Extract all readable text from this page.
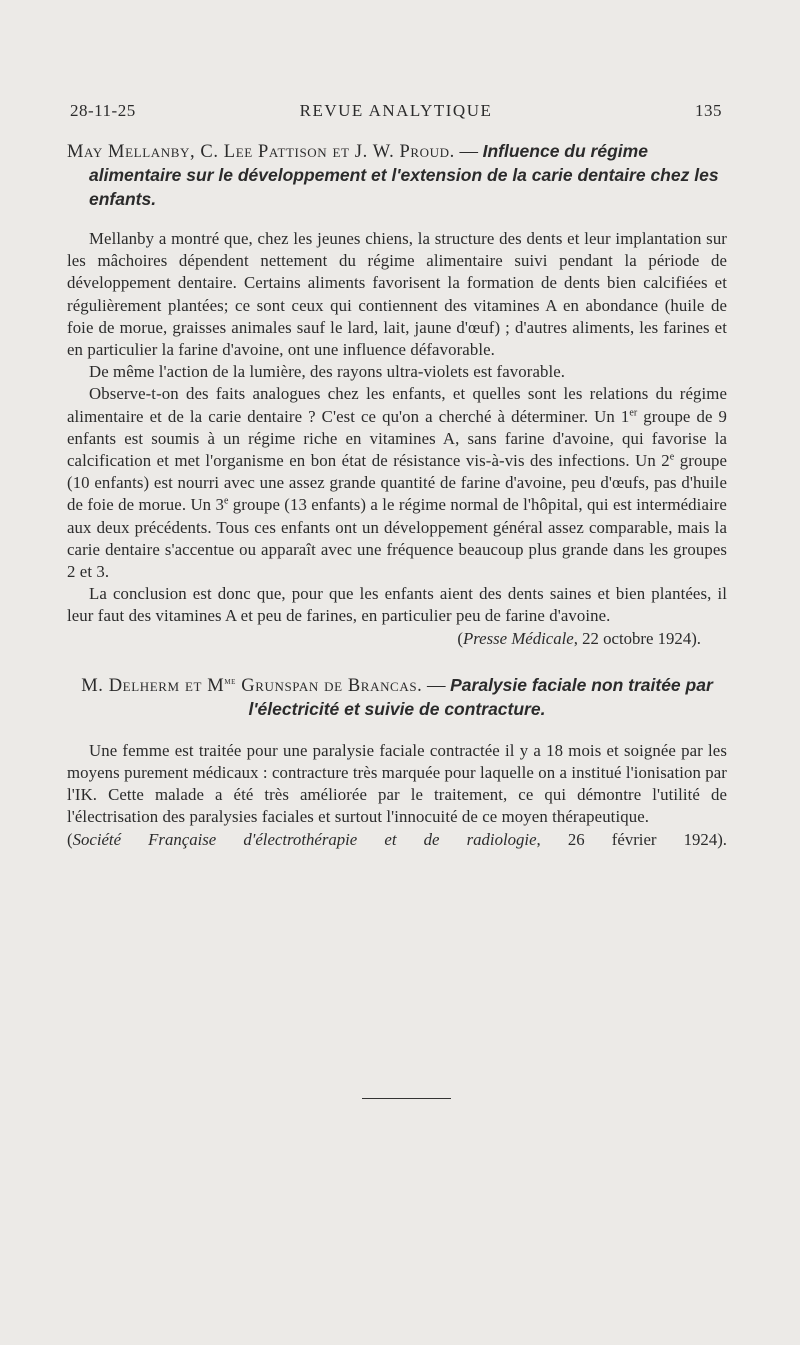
28-11-25	REVUE ANALYTIQUE	135

May Mellanby, C. Lee Pattison et J. W. Proud. — Influence du régime alimentaire sur le développement et l'extension de la carie dentaire chez les enfants.

Mellanby a montré que, chez les jeunes chiens, la structure des dents et leur implantation sur les mâchoires dépendent nettement du régime alimentaire suivi pendant la période de développement dentaire. Certains aliments favorisent la formation de dents bien calcifiées et régulièrement plantées; ce sont ceux qui contiennent des vitamines A en abondance (huile de foie de morue, graisses animales sauf le lard, lait, jaune d'œuf) ; d'autres aliments, les farines et en particulier la farine d'avoine, ont une influence défavorable.

De même l'action de la lumière, des rayons ultra-violets est favorable.

Observe-t-on des faits analogues chez les enfants, et quelles sont les relations du régime alimentaire et de la carie dentaire ? C'est ce qu'on a cherché à déterminer. Un 1er groupe de 9 enfants est soumis à un régime riche en vitamines A, sans farine d'avoine, qui favorise la calcification et met l'organisme en bon état de résistance vis-à-vis des infections. Un 2e groupe (10 enfants) est nourri avec une assez grande quantité de farine d'avoine, peu d'œufs, pas d'huile de foie de morue. Un 3e groupe (13 enfants) a le régime normal de l'hôpital, qui est intermédiaire aux deux précédents. Tous ces enfants ont un développement général assez comparable, mais la carie dentaire s'accentue ou apparaît avec une fréquence beaucoup plus grande dans les groupes 2 et 3.

La conclusion est donc que, pour que les enfants aient des dents saines et bien plantées, il leur faut des vitamines A et peu de farines, en particulier peu de farine d'avoine.

(Presse Médicale, 22 octobre 1924).

M. Delherm et $M^{me}$ Grunspan de Brancas. — Paralysie faciale non traitée par l'électricité et suivie de contracture.

Une femme est traitée pour une paralysie faciale contractée il y a 18 mois et soignée par les moyens purement médicaux : contracture très marquée pour laquelle on a institué l'ionisation par l'IK. Cette malade a été très améliorée par le traitement, ce qui démontre l'utilité de l'électrisation des paralysies faciales et surtout l'innocuité de ce moyen thérapeutique.

(Société Française d'électrothérapie et de radiologie, 26 février 1924).
